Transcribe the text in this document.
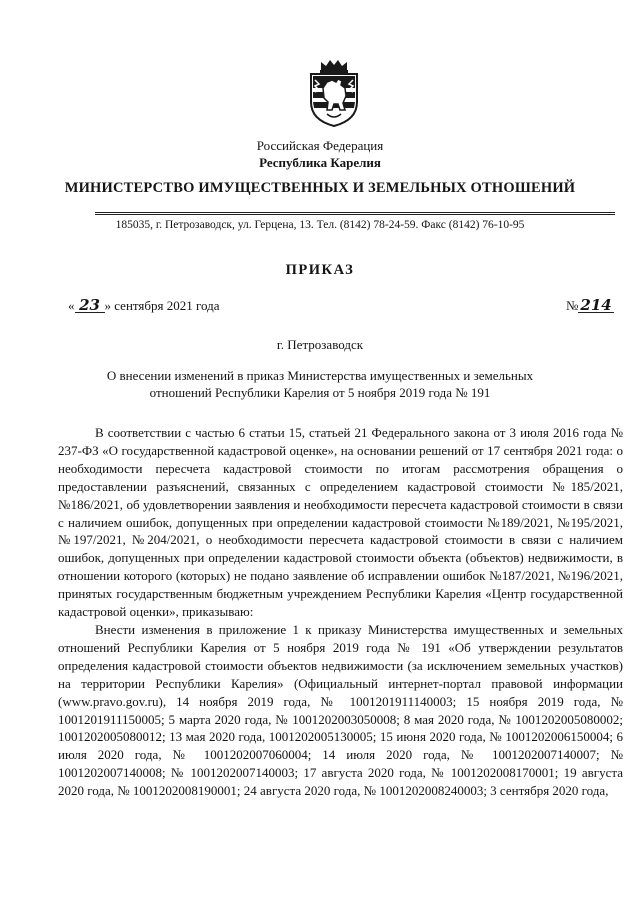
Российская Федерация
Республика Карелия
МИНИСТЕРСТВО ИМУЩЕСТВЕННЫХ И ЗЕМЕЛЬНЫХ ОТНОШЕНИЙ
185035, г. Петрозаводск, ул. Герцена, 13. Тел. (8142) 78-24-59. Факс (8142) 76-10-95
ПРИКАЗ
« 23 » сентября 2021 года	№ 214
г. Петрозаводск
О внесении изменений в приказ Министерства имущественных и земельных
отношений Республики Карелия от 5 ноября 2019 года № 191

В соответствии с частью 6 статьи 15, статьей 21 Федерального закона от 3 июля 2016 года № 237-ФЗ «О государственной кадастровой оценке», на основании решений от 17 сентября 2021 года: о необходимости пересчета кадастровой стоимости по итогам рассмотрения обращения о предоставлении разъяснений, связанных с определением кадастровой стоимости №185/2021, №186/2021, об удовлетворении заявления и необходимости пересчета кадастровой стоимости в связи с наличием ошибок, допущенных при определении кадастровой стоимости №189/2021, №195/2021, №197/2021, №204/2021, о необходимости пересчета кадастровой стоимости в связи с наличием ошибок, допущенных при определении кадастровой стоимости объекта (объектов) недвижимости, в отношении которого (которых) не подано заявление об исправлении ошибок №187/2021, №196/2021, принятых государственным бюджетным учреждением Республики Карелия «Центр государственной кадастровой оценки», приказываю:

Внести изменения в приложение 1 к приказу Министерства имущественных и земельных отношений Республики Карелия от 5 ноября 2019 года № 191 «Об утверждении результатов определения кадастровой стоимости объектов недвижимости (за исключением земельных участков) на территории Республики Карелия» (Официальный интернет-портал правовой информации (www.pravo.gov.ru), 14 ноября 2019 года, № 1001201911140003; 15 ноября 2019 года, № 1001201911150005; 5 марта 2020 года, № 1001202003050008; 8 мая 2020 года, № 1001202005080002; 1001202005080012; 13 мая 2020 года, 1001202005130005; 15 июня 2020 года, № 1001202006150004; 6 июля 2020 года, № 1001202007060004; 14 июля 2020 года, № 1001202007140007; № 1001202007140008; № 1001202007140003; 17 августа 2020 года, № 1001202008170001; 19 августа 2020 года, № 1001202008190001; 24 августа 2020 года, № 1001202008240003; 3 сентября 2020 года,
